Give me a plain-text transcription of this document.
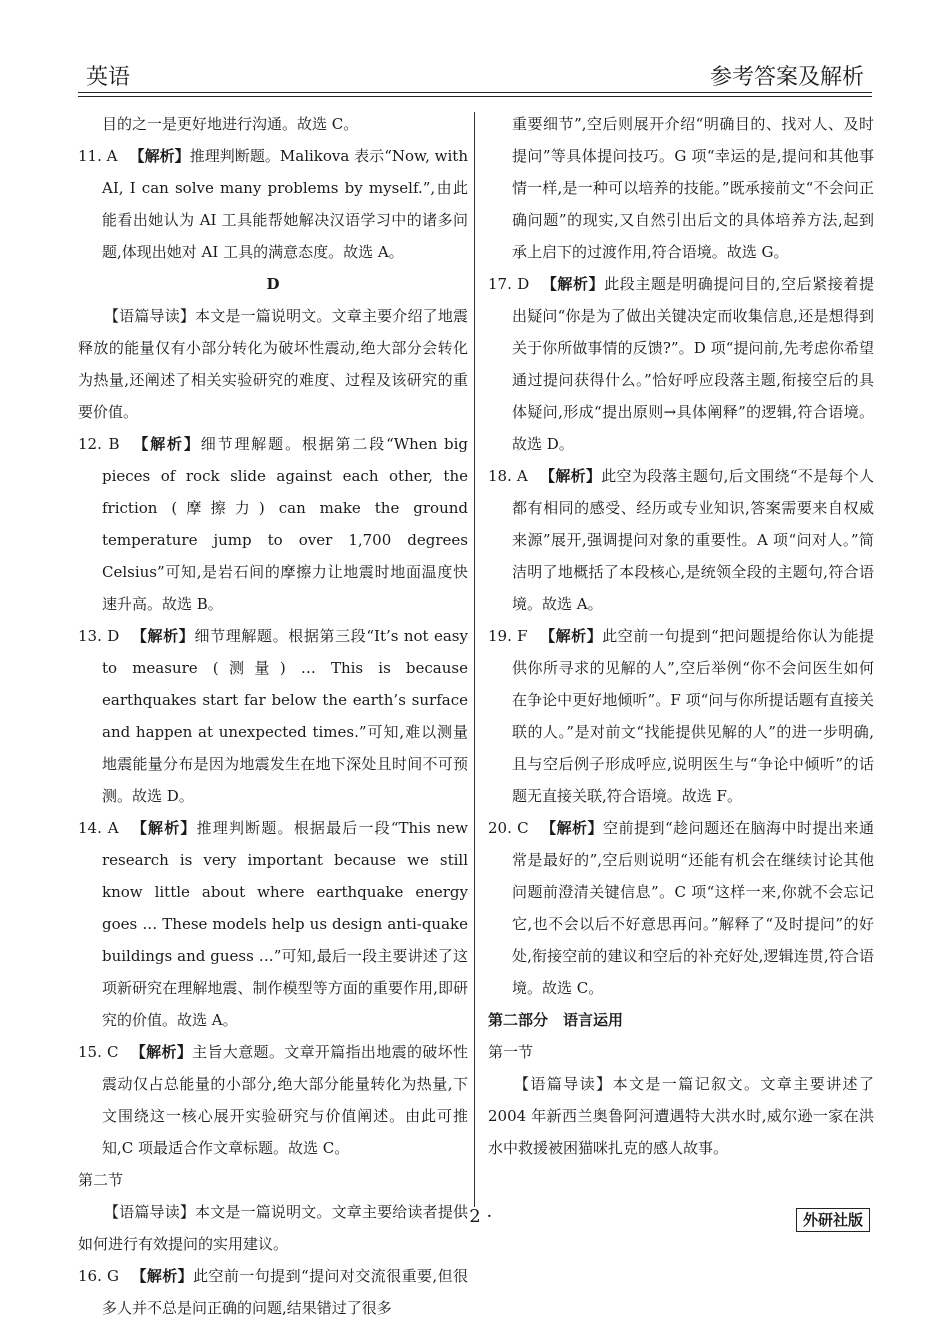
英语	参考答案及解析

目的之一是更好地进行沟通。故选 C。

11. A 【解析】推理判断题。Malikova 表示“Now, with AI, I can solve many problems by myself.”,由此能看出她认为 AI 工具能帮她解决汉语学习中的诸多问题,体现出她对 AI 工具的满意态度。故选 A。

D

【语篇导读】本文是一篇说明文。文章主要介绍了地震释放的能量仅有小部分转化为破坏性震动,绝大部分会转化为热量,还阐述了相关实验研究的难度、过程及该研究的重要价值。

12. B 【解析】细节理解题。根据第二段“When big pieces of rock slide against each other, the friction (摩擦力) can make the ground temperature jump to over 1,700 degrees Celsius”可知,是岩石间的摩擦力让地震时地面温度快速升高。故选 B。

13. D 【解析】细节理解题。根据第三段“It’s not easy to measure (测量) … This is because earthquakes start far below the earth’s surface and happen at unexpected times.”可知,难以测量地震能量分布是因为地震发生在地下深处且时间不可预测。故选 D。

14. A 【解析】推理判断题。根据最后一段“This new research is very important because we still know little about where earthquake energy goes … These models help us design anti-quake buildings and guess …”可知,最后一段主要讲述了这项新研究在理解地震、制作模型等方面的重要作用,即研究的价值。故选 A。

15. C 【解析】主旨大意题。文章开篇指出地震的破坏性震动仅占总能量的小部分,绝大部分能量转化为热量,下文围绕这一核心展开实验研究与价值阐述。由此可推知,C 项最适合作文章标题。故选 C。

第二节

【语篇导读】本文是一篇说明文。文章主要给读者提供如何进行有效提问的实用建议。

16. G 【解析】此空前一句提到“提问对交流很重要,但很多人并不总是问正确的问题,结果错过了很多

重要细节”,空后则展开介绍“明确目的、找对人、及时提问”等具体提问技巧。G 项“幸运的是,提问和其他事情一样,是一种可以培养的技能。”既承接前文“不会问正确问题”的现实,又自然引出后文的具体培养方法,起到承上启下的过渡作用,符合语境。故选 G。

17. D 【解析】此段主题是明确提问目的,空后紧接着提出疑问“你是为了做出关键决定而收集信息,还是想得到关于你所做事情的反馈?”。D 项“提问前,先考虑你希望通过提问获得什么。”恰好呼应段落主题,衔接空后的具体疑问,形成“提出原则→具体阐释”的逻辑,符合语境。故选 D。

18. A 【解析】此空为段落主题句,后文围绕“不是每个人都有相同的感受、经历或专业知识,答案需要来自权威来源”展开,强调提问对象的重要性。A 项“问对人。”简洁明了地概括了本段核心,是统领全段的主题句,符合语境。故选 A。

19. F 【解析】此空前一句提到“把问题提给你认为能提供你所寻求的见解的人”,空后举例“你不会问医生如何在争论中更好地倾听”。F 项“问与你所提话题有直接关联的人。”是对前文“找能提供见解的人”的进一步明确,且与空后例子形成呼应,说明医生与“争论中倾听”的话题无直接关联,符合语境。故选 F。

20. C 【解析】空前提到“趁问题还在脑海中时提出来通常是最好的”,空后则说明“还能有机会在继续讨论其他问题前澄清关键信息”。C 项“这样一来,你就不会忘记它,也不会以后不好意思再问。”解释了“及时提问”的好处,衔接空前的建议和空后的补充好处,逻辑连贯,符合语境。故选 C。

第二部分　语言运用

第一节

【语篇导读】本文是一篇记叙文。文章主要讲述了 2004 年新西兰奥鲁阿河遭遇特大洪水时,威尔逊一家在洪水中救援被困猫咪扎克的感人故事。

· 2 ·	外研社版
